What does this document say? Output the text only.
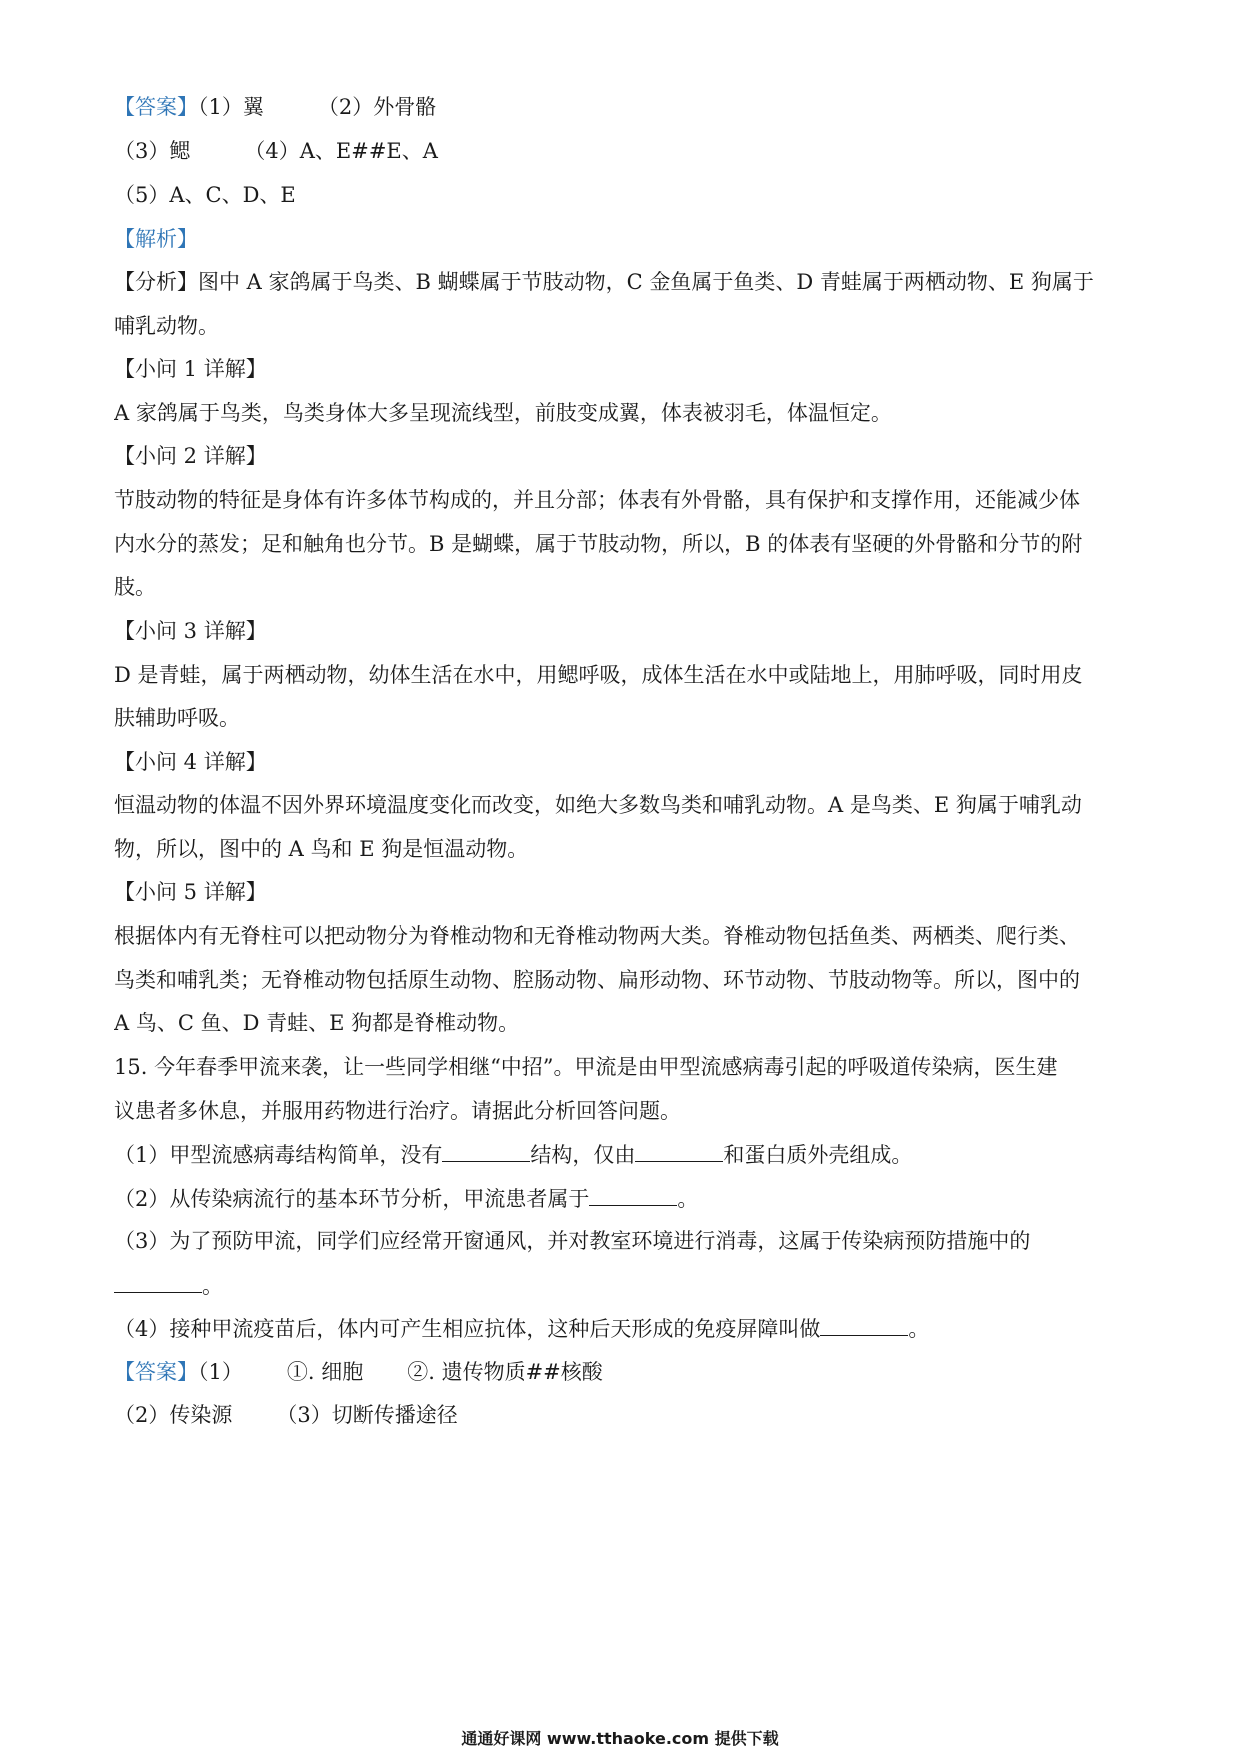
【答案】（1）翼	（2）外骨骼
（3）鳃	（4）A、E##E、A
（5）A、C、D、E
【解析】
【分析】图中 A 家鸽属于鸟类、B 蝴蝶属于节肢动物，C 金鱼属于鱼类、D 青蛙属于两栖动物、E 狗属于
哺乳动物。
【小问 1 详解】
A 家鸽属于鸟类，鸟类身体大多呈现流线型，前肢变成翼，体表被羽毛，体温恒定。
【小问 2 详解】
节肢动物的特征是身体有许多体节构成的，并且分部；体表有外骨骼，具有保护和支撑作用，还能减少体
内水分的蒸发；足和触角也分节。B 是蝴蝶，属于节肢动物，所以，B 的体表有坚硬的外骨骼和分节的附
肢。
【小问 3 详解】
D 是青蛙，属于两栖动物，幼体生活在水中，用鳃呼吸，成体生活在水中或陆地上，用肺呼吸，同时用皮
肤辅助呼吸。
【小问 4 详解】
恒温动物的体温不因外界环境温度变化而改变，如绝大多数鸟类和哺乳动物。A 是鸟类、E 狗属于哺乳动
物，所以，图中的 A 鸟和 E 狗是恒温动物。
【小问 5 详解】
根据体内有无脊柱可以把动物分为脊椎动物和无脊椎动物两大类。脊椎动物包括鱼类、两栖类、爬行类、
鸟类和哺乳类；无脊椎动物包括原生动物、腔肠动物、扁形动物、环节动物、节肢动物等。所以，图中的
A 鸟、C 鱼、D 青蛙、E 狗都是脊椎动物。
15. 今年春季甲流来袭，让一些同学相继“中招”。甲流是由甲型流感病毒引起的呼吸道传染病，医生建
议患者多休息，并服用药物进行治疗。请据此分析回答问题。
（1）甲型流感病毒结构简单，没有	结构，仅由	和蛋白质外壳组成。
（2）从传染病流行的基本环节分析，甲流患者属于	。
（3）为了预防甲流，同学们应经常开窗通风，并对教室环境进行消毒，这属于传染病预防措施中的
。
（4）接种甲流疫苗后，体内可产生相应抗体，这种后天形成的免疫屏障叫做	。
【答案】（1） ①. 细胞 ②. 遗传物质##核酸
（2）传染源 （3）切断传播途径
通通好课网 www.tthaoke.com 提供下载
